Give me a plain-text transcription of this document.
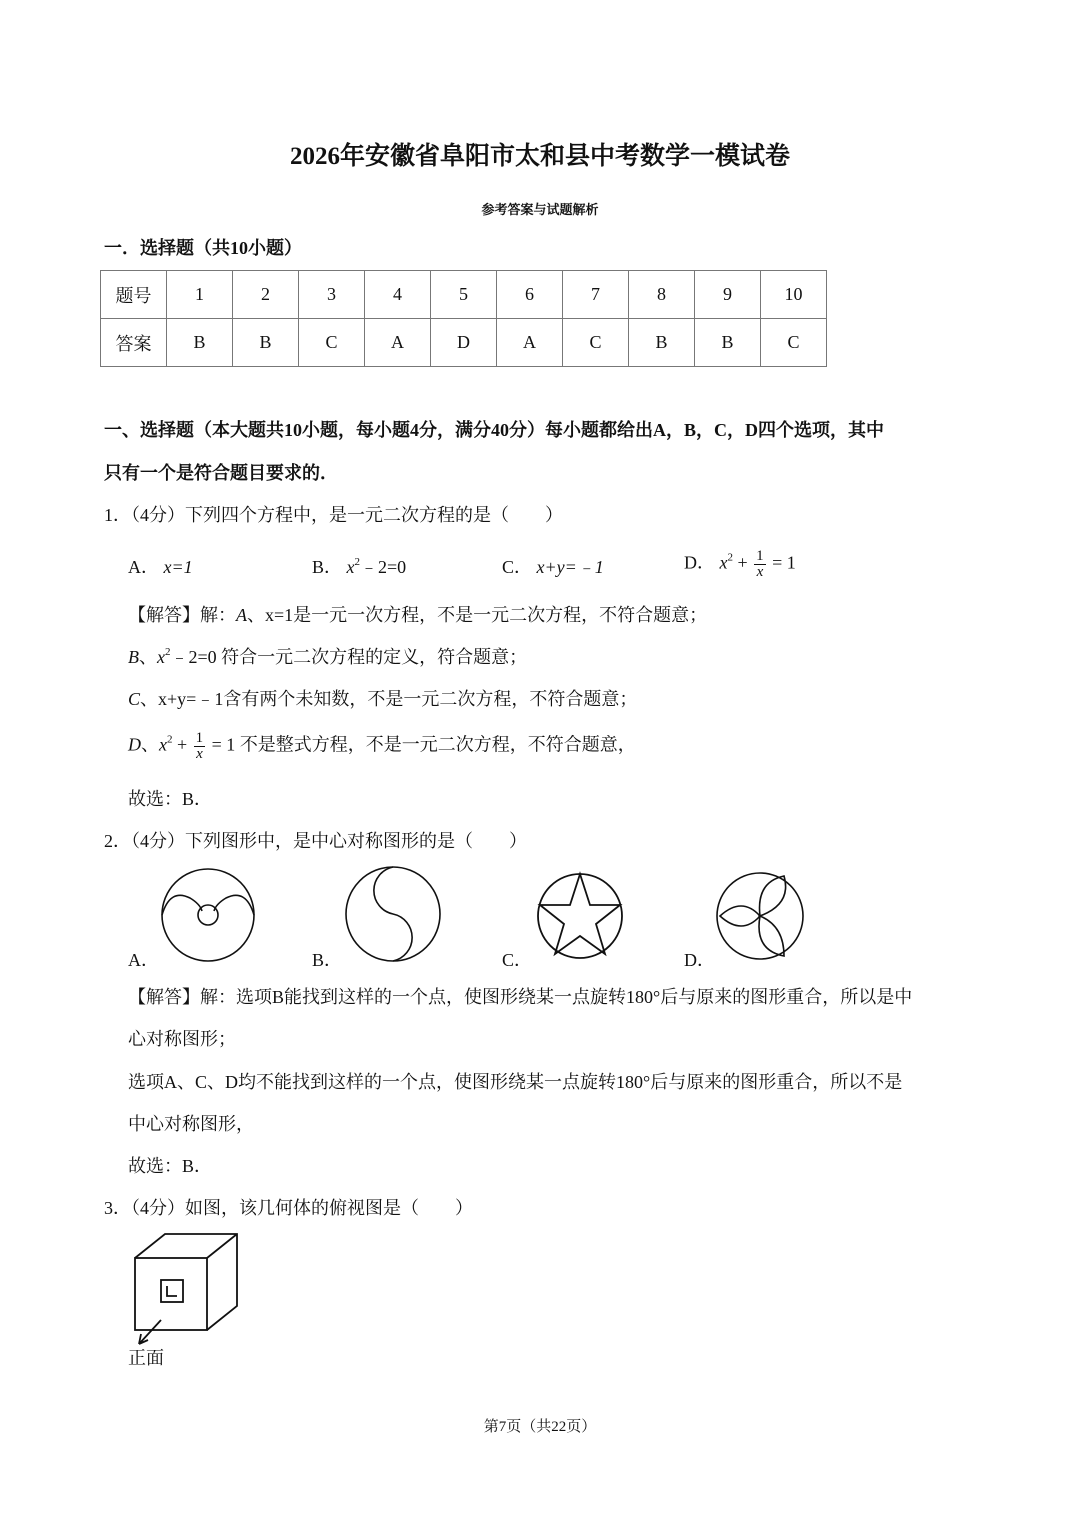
2026年安徽省阜阳市太和县中考数学一模试卷
参考答案与试题解析
一．选择题（共10小题）
题号	1	2	3	4	5	6	7	8	9	10
答案	B	B	C	A	D	A	C	B	B	C
一、选择题（本大题共10小题，每小题4分，满分40分）每小题都给出A，B，C，D四个选项，其中
只有一个是符合题目要求的．
1．（4分）下列四个方程中，是一元二次方程的是（　　）
A． x=1	B． $x^2﹣2=0$	C． x+y=﹣1	D． $x^2 + \frac{1}{x} = 1$
【解答】解：A、x=1是一元一次方程，不是一元二次方程，不符合题意；
B、$x^2﹣2=0$ 符合一元二次方程的定义，符合题意；
C、x+y=﹣1含有两个未知数，不是一元二次方程，不符合题意；
D、$x^2 + \frac{1}{x} = 1$ 不是整式方程，不是一元二次方程，不符合题意，
故选：B．
2．（4分）下列图形中，是中心对称图形的是（　　）
A．	B．	C．	D．
【解答】解：选项B能找到这样的一个点，使图形绕某一点旋转180°后与原来的图形重合，所以是中
心对称图形；
选项A、C、D均不能找到这样的一个点，使图形绕某一点旋转180°后与原来的图形重合，所以不是
中心对称图形，
故选：B．
3．（4分）如图，该几何体的俯视图是（　　）
正面
第7页（共22页）
